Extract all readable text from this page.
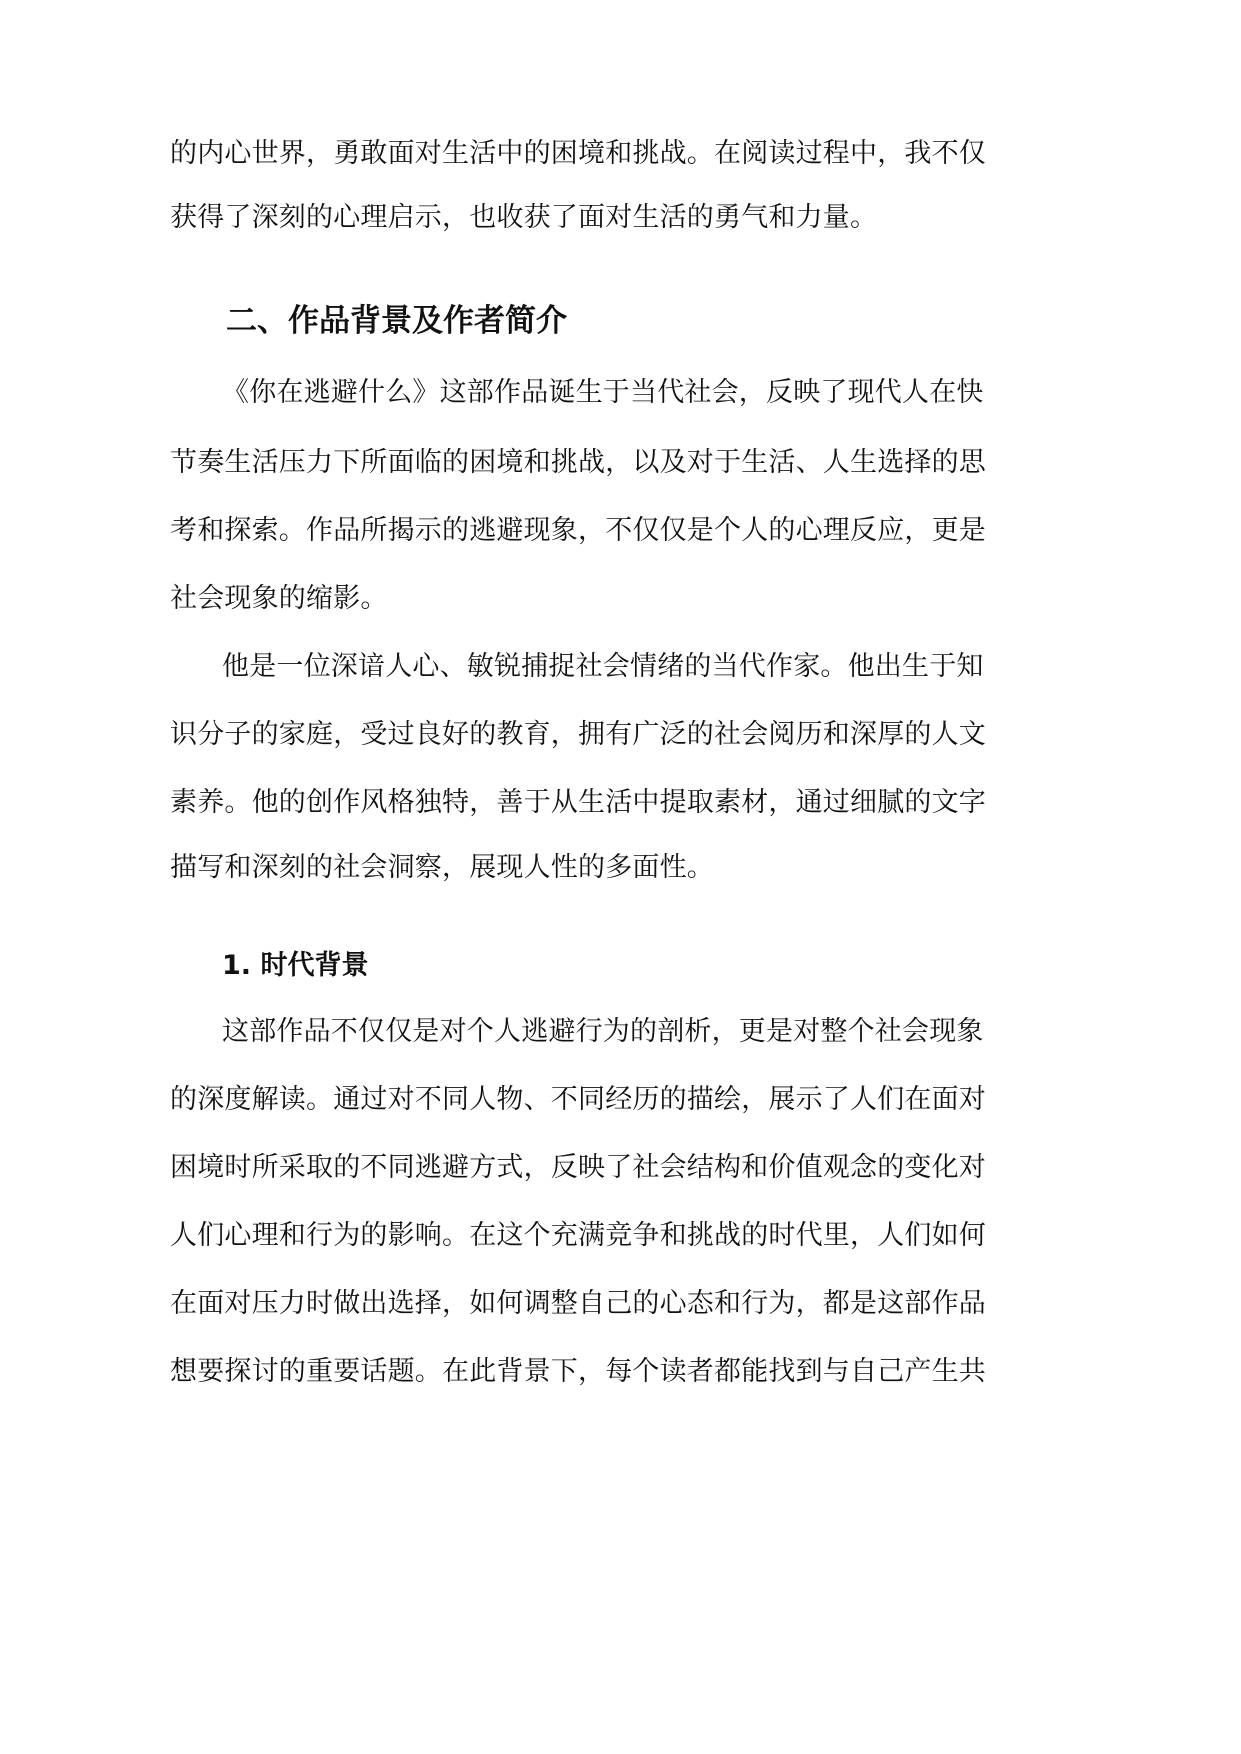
的内心世界，勇敢面对生活中的困境和挑战。在阅读过程中，我不仅
获得了深刻的心理启示，也收获了面对生活的勇气和力量。
二、作品背景及作者简介
《你在逃避什么》这部作品诞生于当代社会，反映了现代人在快
节奏生活压力下所面临的困境和挑战，以及对于生活、人生选择的思
考和探索。作品所揭示的逃避现象，不仅仅是个人的心理反应，更是
社会现象的缩影。
他是一位深谙人心、敏锐捕捉社会情绪的当代作家。他出生于知
识分子的家庭，受过良好的教育，拥有广泛的社会阅历和深厚的人文
素养。他的创作风格独特，善于从生活中提取素材，通过细腻的文字
描写和深刻的社会洞察，展现人性的多面性。
1. 时代背景
这部作品不仅仅是对个人逃避行为的剖析，更是对整个社会现象
的深度解读。通过对不同人物、不同经历的描绘，展示了人们在面对
困境时所采取的不同逃避方式，反映了社会结构和价值观念的变化对
人们心理和行为的影响。在这个充满竞争和挑战的时代里，人们如何
在面对压力时做出选择，如何调整自己的心态和行为，都是这部作品
想要探讨的重要话题。在此背景下，每个读者都能找到与自己产生共
